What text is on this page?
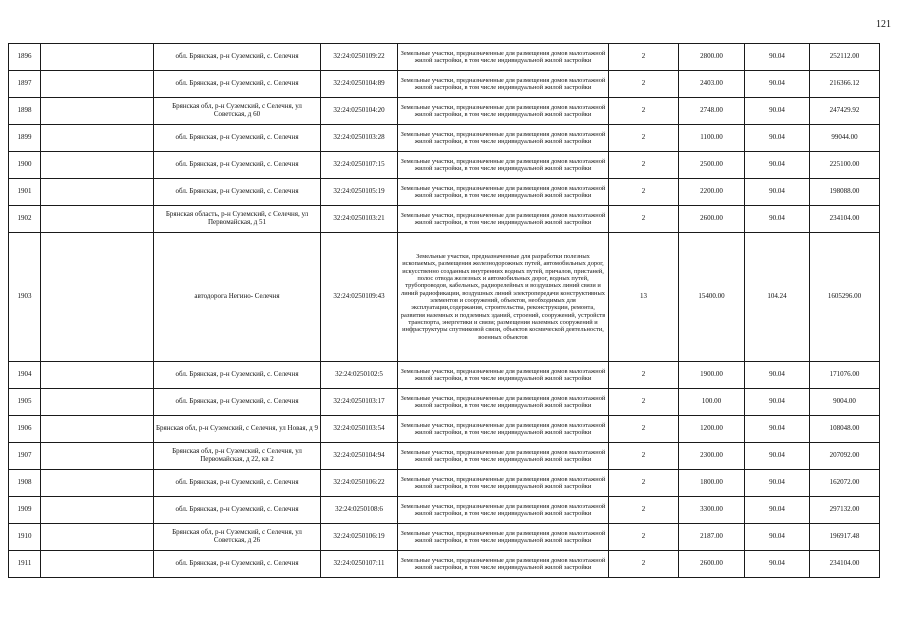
121
1896		обл. Брянская, р-н Суземский, с. Селечня	32:24:0250109:22	Земельные участки, предназначенные для размещения домов малоэтажной жилой застройки, в том числе индивидуальной жилой застройки	2	2800.00	90.04	252112.00
1897		обл. Брянская, р-н Суземский, с. Селечня	32:24:0250104:89	Земельные участки, предназначенные для размещения домов малоэтажной жилой застройки, в том числе индивидуальной жилой застройки	2	2403.00	90.04	216366.12
1898		Брянская обл, р-н Суземский, с Селечня, ул Советская, д 60	32:24:0250104:20	Земельные участки, предназначенные для размещения домов малоэтажной жилой застройки, в том числе индивидуальной жилой застройки	2	2748.00	90.04	247429.92
1899		обл. Брянская, р-н Суземский, с. Селечня	32:24:0250103:28	Земельные участки, предназначенные для размещения домов малоэтажной жилой застройки, в том числе индивидуальной жилой застройки	2	1100.00	90.04	99044.00
1900		обл. Брянская, р-н Суземский, с. Селечня	32:24:0250107:15	Земельные участки, предназначенные для размещения домов малоэтажной жилой застройки, в том числе индивидуальной жилой застройки	2	2500.00	90.04	225100.00
1901		обл. Брянская, р-н Суземский, с. Селечня	32:24:0250105:19	Земельные участки, предназначенные для размещения домов малоэтажной жилой застройки, в том числе индивидуальной жилой застройки	2	2200.00	90.04	198088.00
1902		Брянская область, р-н Суземский, с Селечня, ул Первомайская, д 51	32:24:0250103:21	Земельные участки, предназначенные для размещения домов малоэтажной жилой застройки, в том числе индивидуальной жилой застройки	2	2600.00	90.04	234104.00
1903		автодорога Негино- Селечня	32:24:0250109:43	Земельные участки, предназначенные для разработки полезных ископаемых, размещения железнодорожных путей, автомобильных дорог, искусственно созданных внутренних водных путей, причалов, пристаней, полос отвода железных и автомобильных дорог, водных путей, трубопроводов, кабельных, радиорелейных и воздушных линий связи и линий радиофикации, воздушных линий электропередачи конструктивных элементов и сооружений, объектов, необходимых для эксплуатации,содержания, строительства, реконструкции, ремонта, развития наземных и подземных зданий, строений, сооружений, устройств транспорта, энергетики и связи; размещения наземных сооружений и инфраструктуры спутниковой связи, объектов космической деятельности, военных объектов	13	15400.00	104.24	1605296.00
1904		обл. Брянская, р-н Суземский, с. Селечня	32:24:0250102:5	Земельные участки, предназначенные для размещения домов малоэтажной жилой застройки, в том числе индивидуальной жилой застройки	2	1900.00	90.04	171076.00
1905		обл. Брянская, р-н Суземский, с. Селечня	32:24:0250103:17	Земельные участки, предназначенные для размещения домов малоэтажной жилой застройки, в том числе индивидуальной жилой застройки	2	100.00	90.04	9004.00
1906		Брянская обл, р-н Суземский, с Селечня, ул Новая, д 9	32:24:0250103:54	Земельные участки, предназначенные для размещения домов малоэтажной жилой застройки, в том числе индивидуальной жилой застройки	2	1200.00	90.04	108048.00
1907		Брянская обл, р-н Суземский, с Селечня, ул Первомайская, д 22, кв 2	32:24:0250104:94	Земельные участки, предназначенные для размещения домов малоэтажной жилой застройки, в том числе индивидуальной жилой застройки	2	2300.00	90.04	207092.00
1908		обл. Брянская, р-н Суземский, с. Селечня	32:24:0250106:22	Земельные участки, предназначенные для размещения домов малоэтажной жилой застройки, в том числе индивидуальной жилой застройки	2	1800.00	90.04	162072.00
1909		обл. Брянская, р-н Суземский, с. Селечня	32:24:0250108:6	Земельные участки, предназначенные для размещения домов малоэтажной жилой застройки, в том числе индивидуальной жилой застройки	2	3300.00	90.04	297132.00
1910		Брянская обл, р-н Суземский, с Селечня, ул Советская, д 26	32:24:0250106:19	Земельные участки, предназначенные для размещения домов малоэтажной жилой застройки, в том числе индивидуальной жилой застройки	2	2187.00	90.04	196917.48
1911		обл. Брянская, р-н Суземский, с. Селечня	32:24:0250107:11	Земельные участки, предназначенные для размещения домов малоэтажной жилой застройки, в том числе индивидуальной жилой застройки	2	2600.00	90.04	234104.00
